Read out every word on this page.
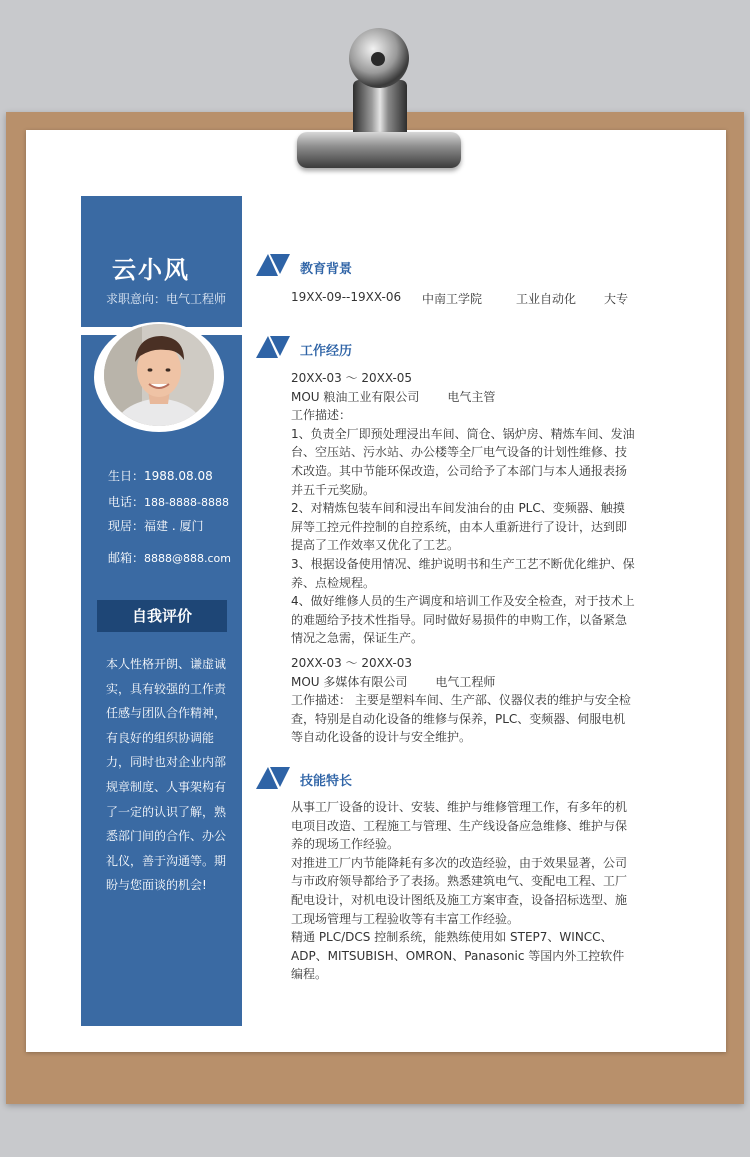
云小风
求职意向：电气工程师
生日：1988.08.08
电话：188-8888-8888
现居：福建 . 厦门
邮箱：8888@888.com
自我评价
本人性格开朗、谦虚诚实，具有较强的工作责任感与团队合作精神，有良好的组织协调能力，同时也对企业内部规章制度、人事架构有了一定的认识了解，熟悉部门间的合作、办公礼仪，善于沟通等。期盼与您面谈的机会!
教育背景
19XX-09--19XX-06 中南工学院	工业自动化 大专
工作经历
20XX-03 ～ 20XX-05
MOU 粮油工业有限公司 电气主管
工作描述：
1、负责全厂即预处理浸出车间、筒仓、锅炉房、精炼车间、发油台、空压站、污水站、办公楼等全厂电气设备的计划性维修、技术改造。其中节能环保改造，公司给予了本部门与本人通报表扬并五千元奖励。
2、对精炼包装车间和浸出车间发油台的由 PLC、变频器、触摸屏等工控元件控制的自控系统，由本人重新进行了设计，达到即提高了工作效率又优化了工艺。
3、根据设备使用情况、维护说明书和生产工艺不断优化维护、保养、点检规程。
4、做好维修人员的生产调度和培训工作及安全检查，对于技术上的难题给予技术性指导。同时做好易损件的申购工作，以备紧急情况之急需，保证生产。
20XX-03 ～ 20XX-03
MOU 多媒体有限公司 电气工程师
工作描述： 主要是塑料车间、生产部、仪器仪表的维护与安全检查，特别是自动化设备的维修与保养，PLC、变频器、伺服电机等自动化设备的设计与安全维护。
技能特长
从事工厂设备的设计、安装、维护与维修管理工作，有多年的机电项目改造、工程施工与管理、生产线设备应急维修、维护与保养的现场工作经验。
对推进工厂内节能降耗有多次的改造经验，由于效果显著，公司与市政府领导都给予了表扬。熟悉建筑电气、变配电工程、工厂配电设计，对机电设计图纸及施工方案审查，设备招标选型、施工现场管理与工程验收等有丰富工作经验。
精通 PLC/DCS 控制系统，能熟练使用如 STEP7、WINCC、ADP、MITSUBISH、OMRON、Panasonic 等国内外工控软件编程。
